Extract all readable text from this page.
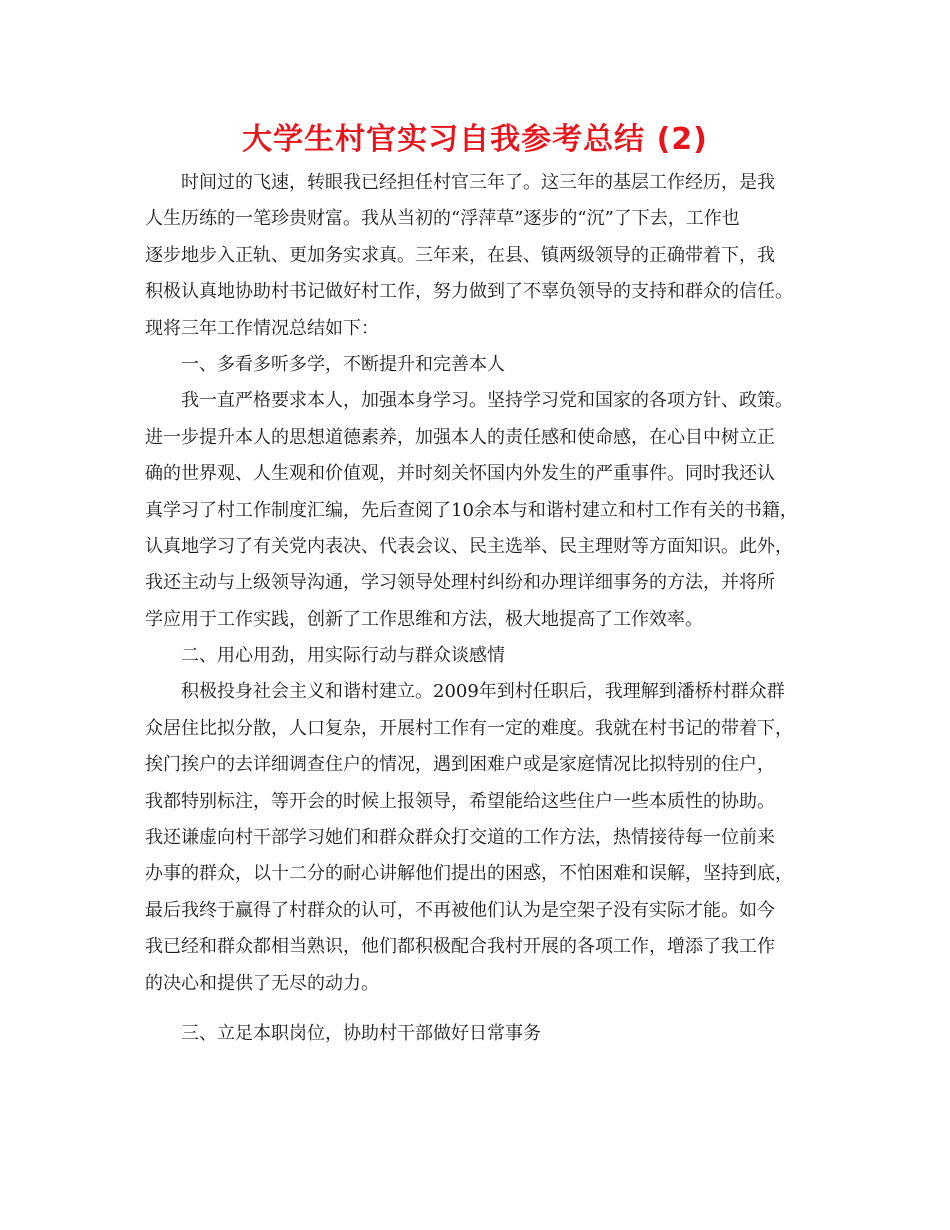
大学生村官实习自我参考总结 (2)
时间过的飞速，转眼我已经担任村官三年了。这三年的基层工作经历，是我
人生历练的一笔珍贵财富。我从当初的“浮萍草”逐步的“沉”了下去，工作也
逐步地步入正轨、更加务实求真。三年来，在县、镇两级领导的正确带着下，我
积极认真地协助村书记做好村工作，努力做到了不辜负领导的支持和群众的信任。
现将三年工作情况总结如下：
一、多看多听多学，不断提升和完善本人
我一直严格要求本人，加强本身学习。坚持学习党和国家的各项方针、政策。
进一步提升本人的思想道德素养，加强本人的责任感和使命感，在心目中树立正
确的世界观、人生观和价值观，并时刻关怀国内外发生的严重事件。同时我还认
真学习了村工作制度汇编，先后查阅了10余本与和谐村建立和村工作有关的书籍，
认真地学习了有关党内表决、代表会议、民主选举、民主理财等方面知识。此外，
我还主动与上级领导沟通，学习领导处理村纠纷和办理详细事务的方法，并将所
学应用于工作实践，创新了工作思维和方法，极大地提高了工作效率。
二、用心用劲，用实际行动与群众谈感情
积极投身社会主义和谐村建立。2009年到村任职后，我理解到潘桥村群众群
众居住比拟分散，人口复杂，开展村工作有一定的难度。我就在村书记的带着下，
挨门挨户的去详细调查住户的情况，遇到困难户或是家庭情况比拟特别的住户，
我都特别标注，等开会的时候上报领导，希望能给这些住户一些本质性的协助。
我还谦虚向村干部学习她们和群众群众打交道的工作方法，热情接待每一位前来
办事的群众，以十二分的耐心讲解他们提出的困惑，不怕困难和误解，坚持到底，
最后我终于赢得了村群众的认可，不再被他们认为是空架子没有实际才能。如今
我已经和群众都相当熟识，他们都积极配合我村开展的各项工作，增添了我工作
的决心和提供了无尽的动力。
三、立足本职岗位，协助村干部做好日常事务
